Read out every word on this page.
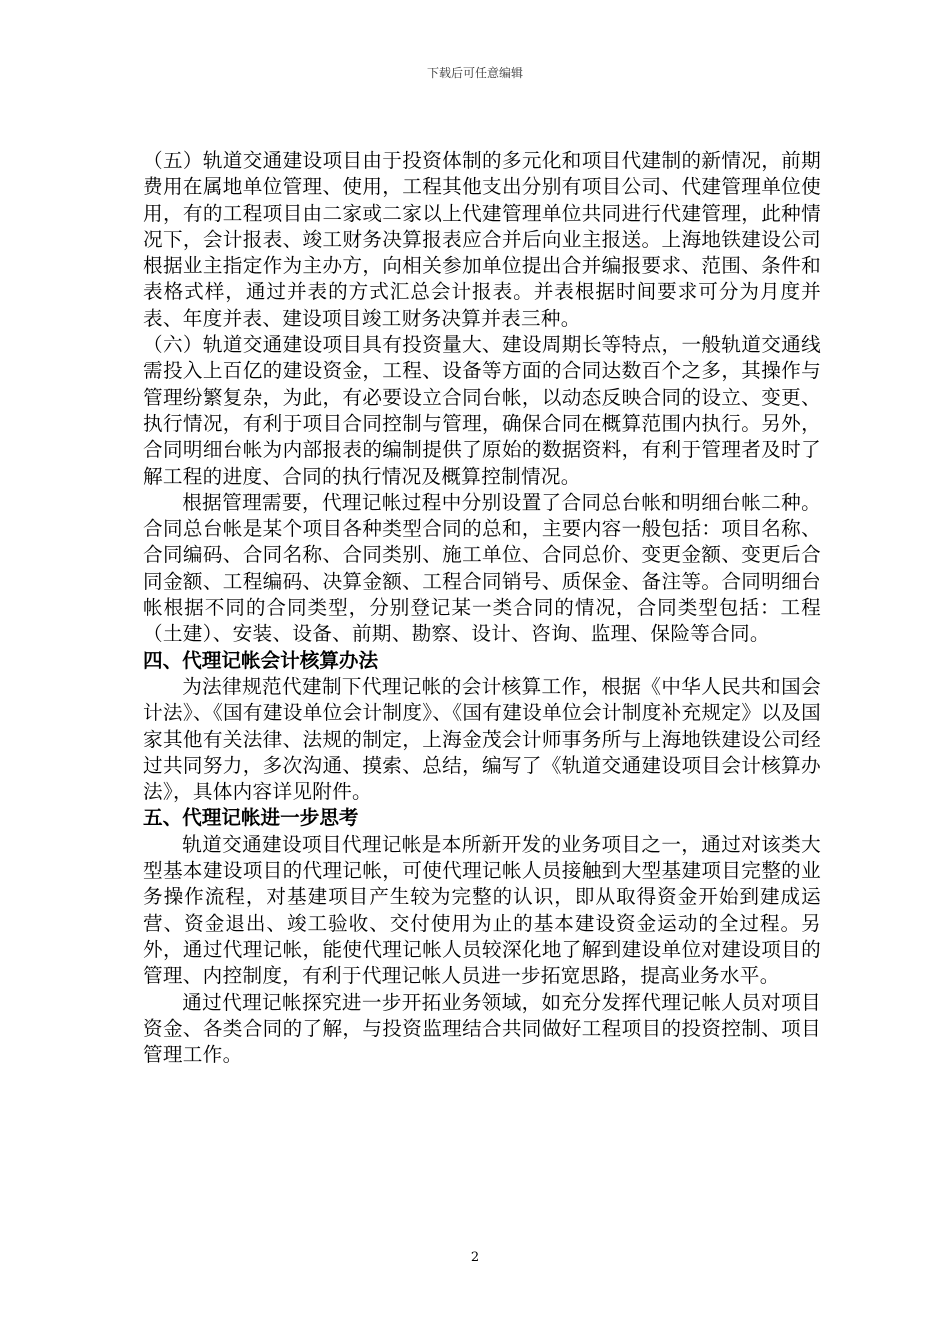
下载后可任意编辑

（五）轨道交通建设项目由于投资体制的多元化和项目代建制的新情况，前期费用在属地单位管理、使用，工程其他支出分别有项目公司、代建管理单位使用，有的工程项目由二家或二家以上代建管理单位共同进行代建管理，此种情况下，会计报表、竣工财务决算报表应合并后向业主报送。上海地铁建设公司根据业主指定作为主办方，向相关参加单位提出合并编报要求、范围、条件和表格式样，通过并表的方式汇总会计报表。并表根据时间要求可分为月度并表、年度并表、建设项目竣工财务决算并表三种。

（六）轨道交通建设项目具有投资量大、建设周期长等特点，一般轨道交通线需投入上百亿的建设资金，工程、设备等方面的合同达数百个之多，其操作与管理纷繁复杂，为此，有必要设立合同台帐，以动态反映合同的设立、变更、执行情况，有利于项目合同控制与管理，确保合同在概算范围内执行。另外，合同明细台帐为内部报表的编制提供了原始的数据资料，有利于管理者及时了解工程的进度、合同的执行情况及概算控制情况。

根据管理需要，代理记帐过程中分别设置了合同总台帐和明细台帐二种。合同总台帐是某个项目各种类型合同的总和，主要内容一般包括：项目名称、合同编码、合同名称、合同类别、施工单位、合同总价、变更金额、变更后合同金额、工程编码、决算金额、工程合同销号、质保金、备注等。合同明细台帐根据不同的合同类型，分别登记某一类合同的情况，合同类型包括：工程（土建）、安装、设备、前期、勘察、设计、咨询、监理、保险等合同。

四、代理记帐会计核算办法

为法律规范代建制下代理记帐的会计核算工作，根据《中华人民共和国会计法》、《国有建设单位会计制度》、《国有建设单位会计制度补充规定》以及国家其他有关法律、法规的制定，上海金茂会计师事务所与上海地铁建设公司经过共同努力，多次沟通、摸索、总结，编写了《轨道交通建设项目会计核算办法》，具体内容详见附件。

五、代理记帐进一步思考

轨道交通建设项目代理记帐是本所新开发的业务项目之一，通过对该类大型基本建设项目的代理记帐，可使代理记帐人员接触到大型基建项目完整的业务操作流程，对基建项目产生较为完整的认识，即从取得资金开始到建成运营、资金退出、竣工验收、交付使用为止的基本建设资金运动的全过程。另外，通过代理记帐，能使代理记帐人员较深化地了解到建设单位对建设项目的管理、内控制度，有利于代理记帐人员进一步拓宽思路，提高业务水平。

通过代理记帐探究进一步开拓业务领域，如充分发挥代理记帐人员对项目资金、各类合同的了解，与投资监理结合共同做好工程项目的投资控制、项目管理工作。

2
